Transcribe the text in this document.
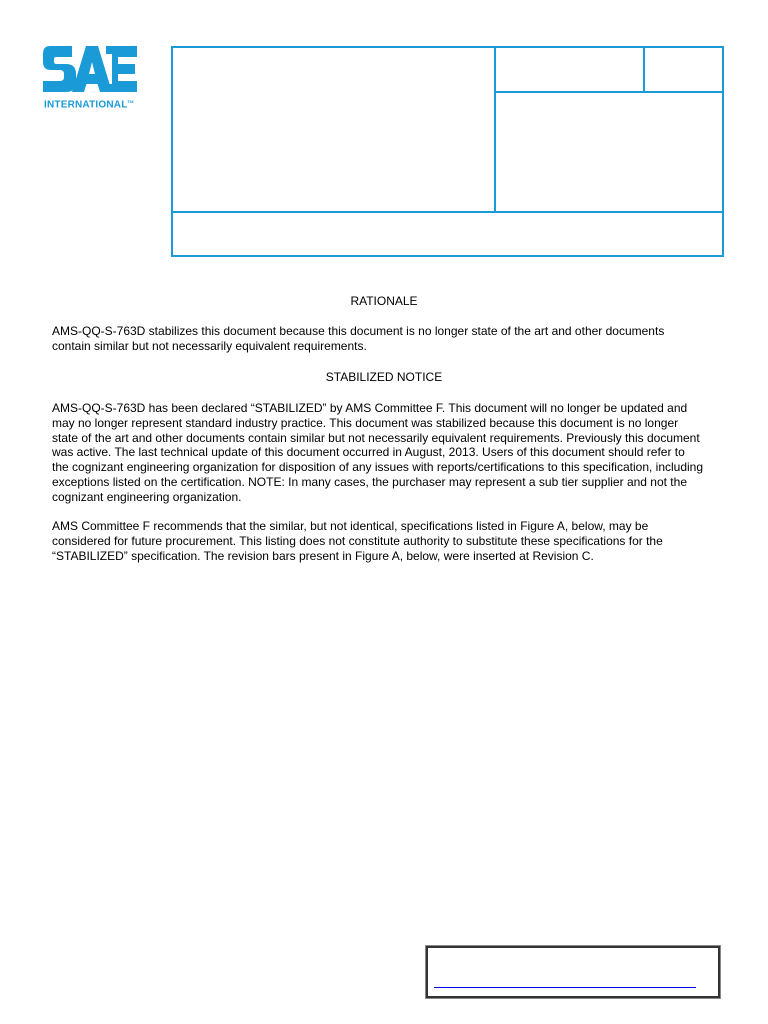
INTERNATIONAL™
RATIONALE
AMS-QQ-S-763D stabilizes this document because this document is no longer state of the art and other documents
contain similar but not necessarily equivalent requirements.
STABILIZED NOTICE
AMS-QQ-S-763D has been declared “STABILIZED” by AMS Committee F. This document will no longer be updated and
may no longer represent standard industry practice. This document was stabilized because this document is no longer
state of the art and other documents contain similar but not necessarily equivalent requirements. Previously this document
was active. The last technical update of this document occurred in August, 2013. Users of this document should refer to
the cognizant engineering organization for disposition of any issues with reports/certifications to this specification, including
exceptions listed on the certification. NOTE: In many cases, the purchaser may represent a sub tier supplier and not the
cognizant engineering organization.
AMS Committee F recommends that the similar, but not identical, specifications listed in Figure A, below, may be
considered for future procurement. This listing does not constitute authority to substitute these specifications for the
“STABILIZED” specification. The revision bars present in Figure A, below, were inserted at Revision C.
